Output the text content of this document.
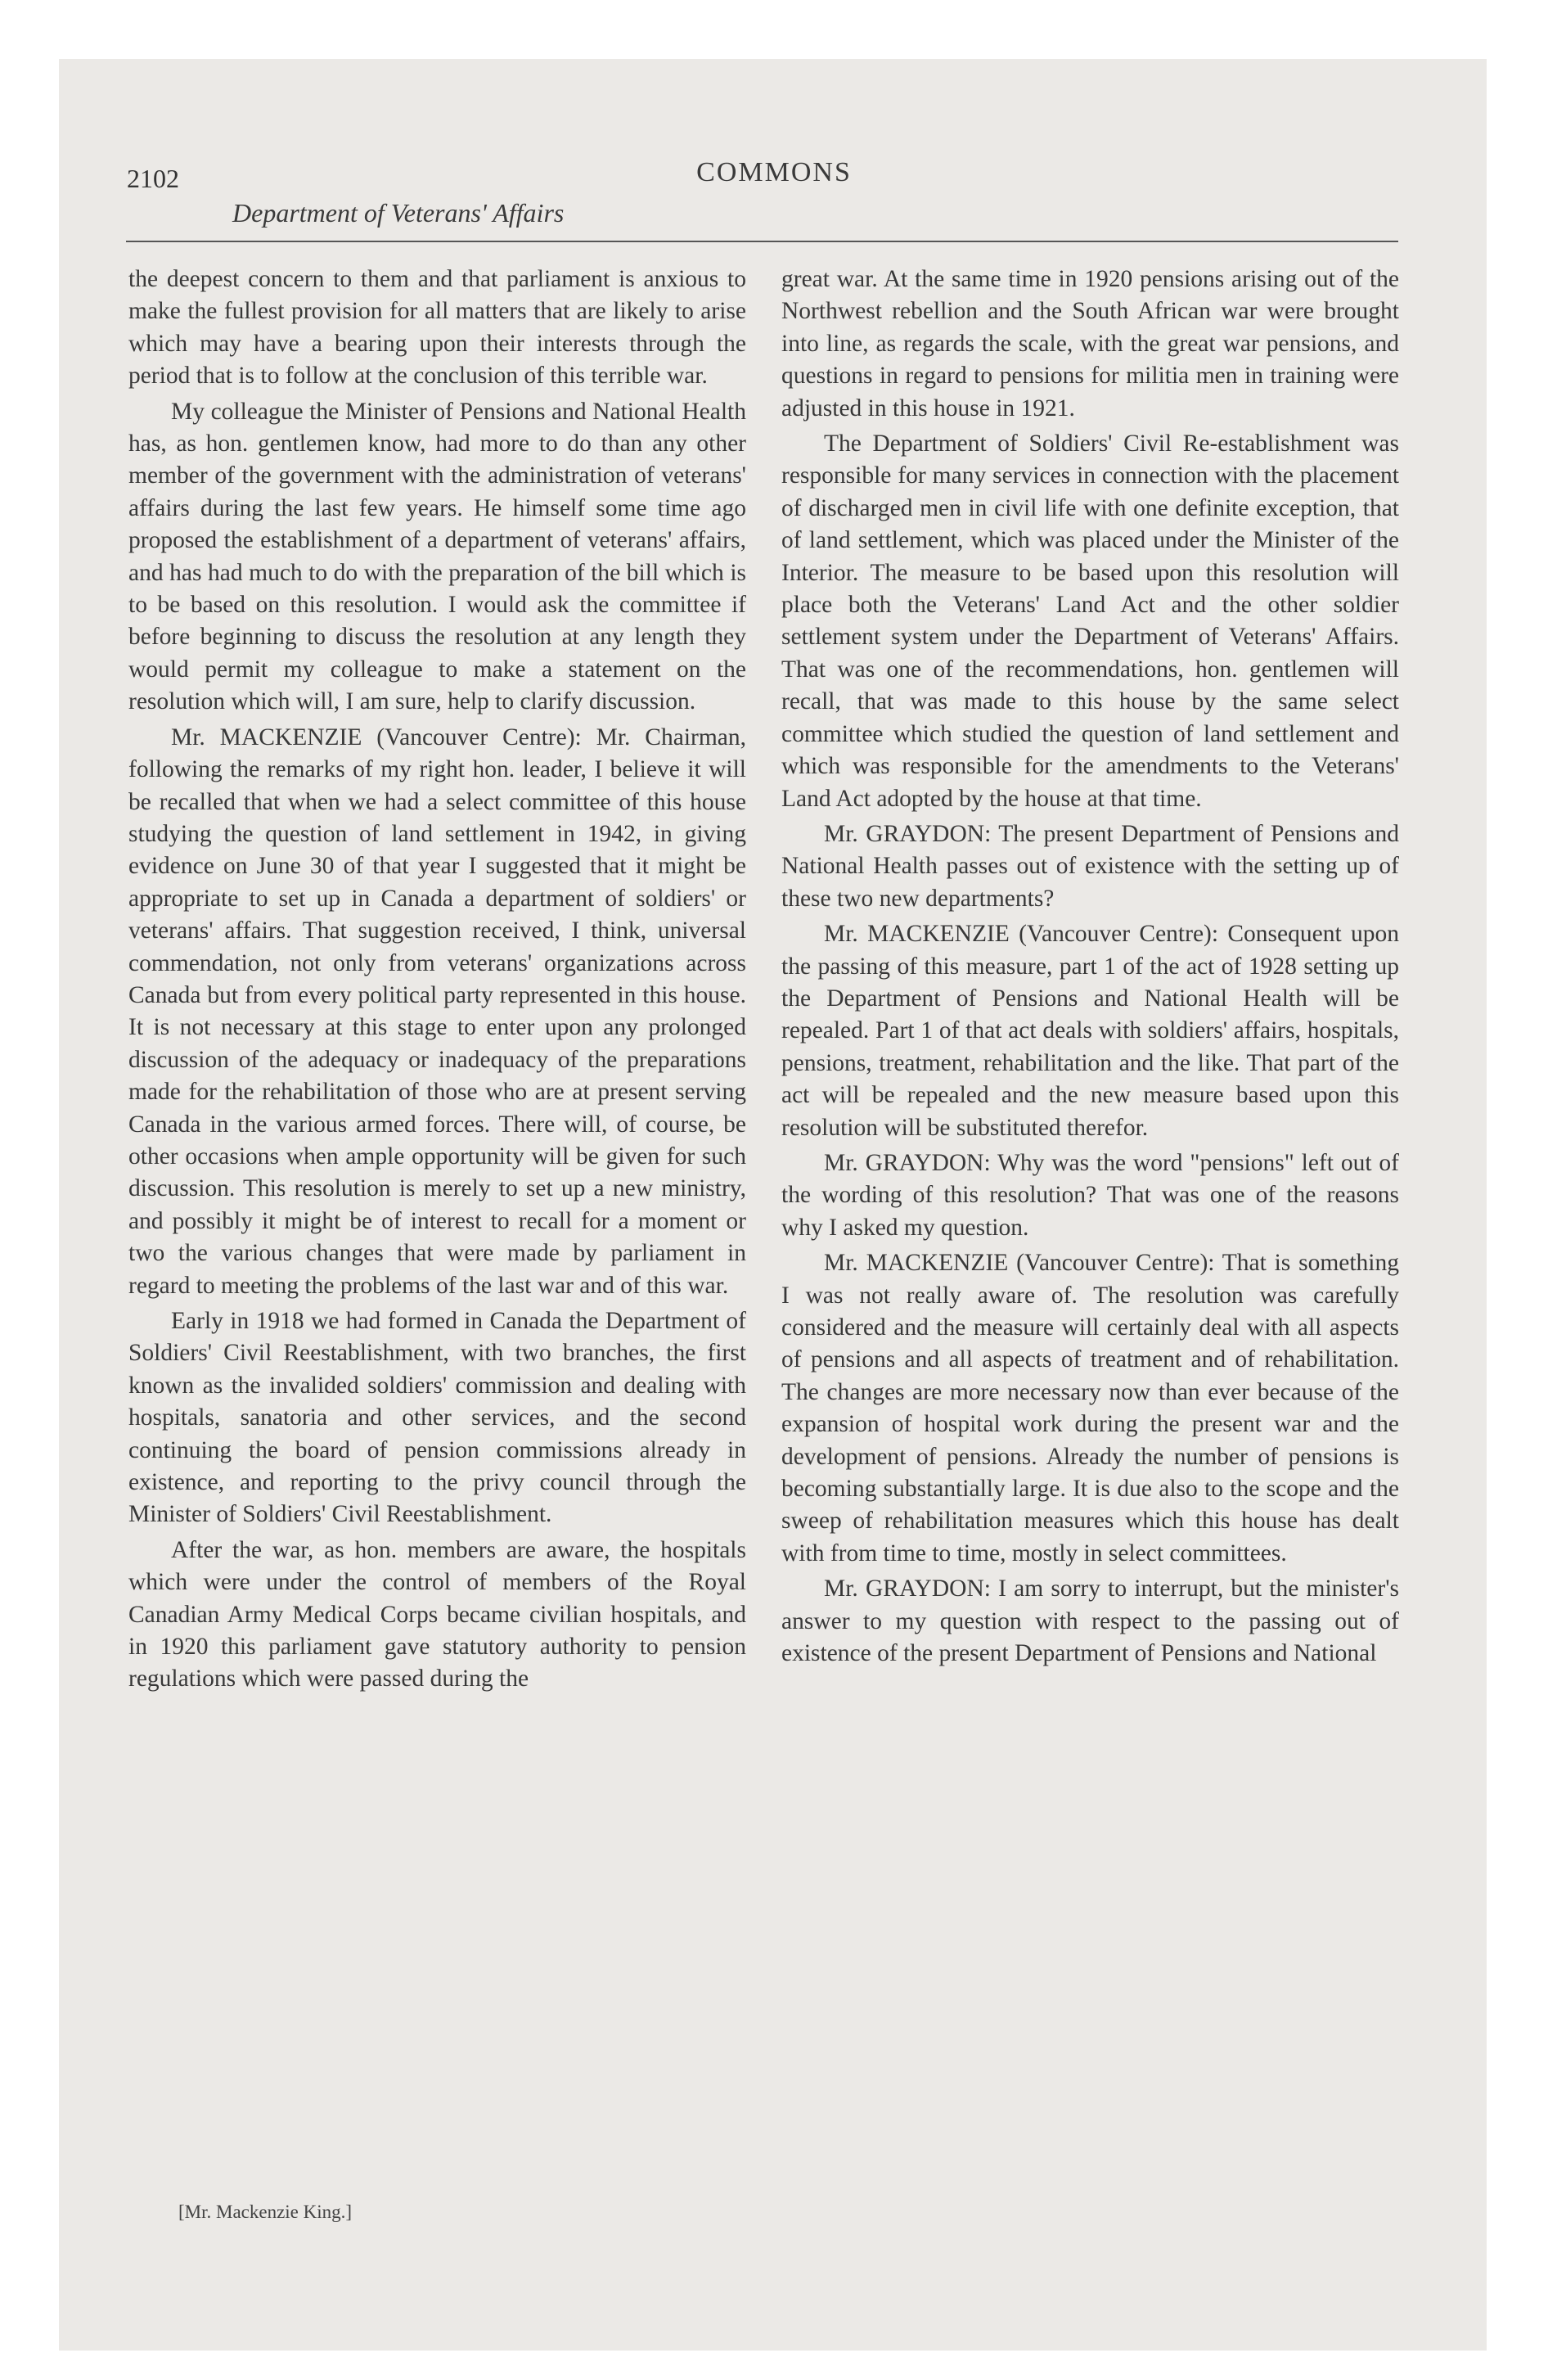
2102	COMMONS
Department of Veterans' Affairs

the deepest concern to them and that parliament is anxious to make the fullest provision for all matters that are likely to arise which may have a bearing upon their interests through the period that is to follow at the conclusion of this terrible war.

My colleague the Minister of Pensions and National Health has, as hon. gentlemen know, had more to do than any other member of the government with the administration of veterans' affairs during the last few years. He himself some time ago proposed the establishment of a department of veterans' affairs, and has had much to do with the preparation of the bill which is to be based on this resolution. I would ask the committee if before beginning to discuss the resolution at any length they would permit my colleague to make a statement on the resolution which will, I am sure, help to clarify discussion.

Mr. MACKENZIE (Vancouver Centre): Mr. Chairman, following the remarks of my right hon. leader, I believe it will be recalled that when we had a select committee of this house studying the question of land settlement in 1942, in giving evidence on June 30 of that year I suggested that it might be appropriate to set up in Canada a department of soldiers' or veterans' affairs. That suggestion received, I think, universal commendation, not only from veterans' organizations across Canada but from every political party represented in this house. It is not necessary at this stage to enter upon any prolonged discussion of the adequacy or inadequacy of the preparations made for the rehabilitation of those who are at present serving Canada in the various armed forces. There will, of course, be other occasions when ample opportunity will be given for such discussion. This resolution is merely to set up a new ministry, and possibly it might be of interest to recall for a moment or two the various changes that were made by parliament in regard to meeting the problems of the last war and of this war.

Early in 1918 we had formed in Canada the Department of Soldiers' Civil Reestablishment, with two branches, the first known as the invalided soldiers' commission and dealing with hospitals, sanatoria and other services, and the second continuing the board of pension commissions already in existence, and reporting to the privy council through the Minister of Soldiers' Civil Reestablishment.

After the war, as hon. members are aware, the hospitals which were under the control of members of the Royal Canadian Army Medical Corps became civilian hospitals, and in 1920 this parliament gave statutory authority to pension regulations which were passed during the

great war. At the same time in 1920 pensions arising out of the Northwest rebellion and the South African war were brought into line, as regards the scale, with the great war pensions, and questions in regard to pensions for militia men in training were adjusted in this house in 1921.

The Department of Soldiers' Civil Re-establishment was responsible for many services in connection with the placement of discharged men in civil life with one definite exception, that of land settlement, which was placed under the Minister of the Interior. The measure to be based upon this resolution will place both the Veterans' Land Act and the other soldier settlement system under the Department of Veterans' Affairs. That was one of the recommendations, hon. gentlemen will recall, that was made to this house by the same select committee which studied the question of land settlement and which was responsible for the amendments to the Veterans' Land Act adopted by the house at that time.

Mr. GRAYDON: The present Department of Pensions and National Health passes out of existence with the setting up of these two new departments?

Mr. MACKENZIE (Vancouver Centre): Consequent upon the passing of this measure, part 1 of the act of 1928 setting up the Department of Pensions and National Health will be repealed. Part 1 of that act deals with soldiers' affairs, hospitals, pensions, treatment, rehabilitation and the like. That part of the act will be repealed and the new measure based upon this resolution will be substituted therefor.

Mr. GRAYDON: Why was the word "pensions" left out of the wording of this resolution? That was one of the reasons why I asked my question.

Mr. MACKENZIE (Vancouver Centre): That is something I was not really aware of. The resolution was carefully considered and the measure will certainly deal with all aspects of pensions and all aspects of treatment and of rehabilitation. The changes are more necessary now than ever because of the expansion of hospital work during the present war and the development of pensions. Already the number of pensions is becoming substantially large. It is due also to the scope and the sweep of rehabilitation measures which this house has dealt with from time to time, mostly in select committees.

Mr. GRAYDON: I am sorry to interrupt, but the minister's answer to my question with respect to the passing out of existence of the present Department of Pensions and National

[Mr. Mackenzie King.]
